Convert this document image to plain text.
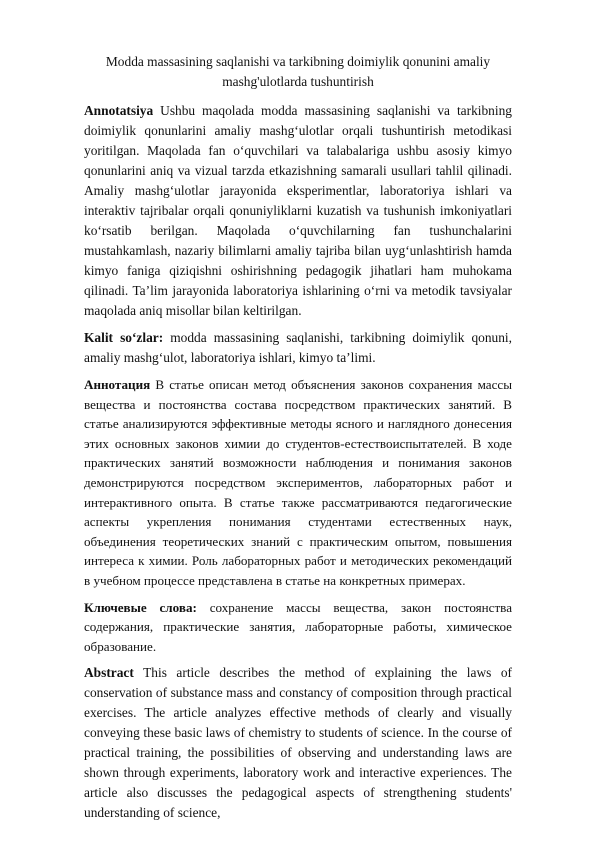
Modda massasining saqlanishi va tarkibning doimiylik qonunini amaliy
mashg'ulotlarda tushuntirish

Annotatsiya Ushbu maqolada modda massasining saqlanishi va tarkibning doimiylik qonunlarini amaliy mashg‘ulotlar orqali tushuntirish metodikasi yoritilgan. Maqolada fan o‘quvchilari va talabalariga ushbu asosiy kimyo qonunlarini aniq va vizual tarzda etkazishning samarali usullari tahlil qilinadi. Amaliy mashg‘ulotlar jarayonida eksperimentlar, laboratoriya ishlari va interaktiv tajribalar orqali qonuniyliklarni kuzatish va tushunish imkoniyatlari ko‘rsatib berilgan. Maqolada o‘quvchilarning fan tushunchalarini mustahkamlash, nazariy bilimlarni amaliy tajriba bilan uyg‘unlashtirish hamda kimyo faniga qiziqishni oshirishning pedagogik jihatlari ham muhokama qilinadi. Ta’lim jarayonida laboratoriya ishlarining o‘rni va metodik tavsiyalar maqolada aniq misollar bilan keltirilgan.

Kalit so‘zlar: modda massasining saqlanishi, tarkibning doimiylik qonuni, amaliy mashg‘ulot, laboratoriya ishlari, kimyo ta’limi.

Аннотация В статье описан метод объяснения законов сохранения массы вещества и постоянства состава посредством практических занятий. В статье анализируются эффективные методы ясного и наглядного донесения этих основных законов химии до студентов-естествоиспытателей. В ходе практических занятий возможности наблюдения и понимания законов демонстрируются посредством экспериментов, лабораторных работ и интерактивного опыта. В статье также рассматриваются педагогические аспекты укрепления понимания студентами естественных наук, объединения теоретических знаний с практическим опытом, повышения интереса к химии. Роль лабораторных работ и методических рекомендаций в учебном процессе представлена в статье на конкретных примерах.

Ключевые слова: сохранение массы вещества, закон постоянства содержания, практические занятия, лабораторные работы, химическое образование.

Abstract This article describes the method of explaining the laws of conservation of substance mass and constancy of composition through practical exercises. The article analyzes effective methods of clearly and visually conveying these basic laws of chemistry to students of science. In the course of practical training, the possibilities of observing and understanding laws are shown through experiments, laboratory work and interactive experiences. The article also discusses the pedagogical aspects of strengthening students' understanding of science,
